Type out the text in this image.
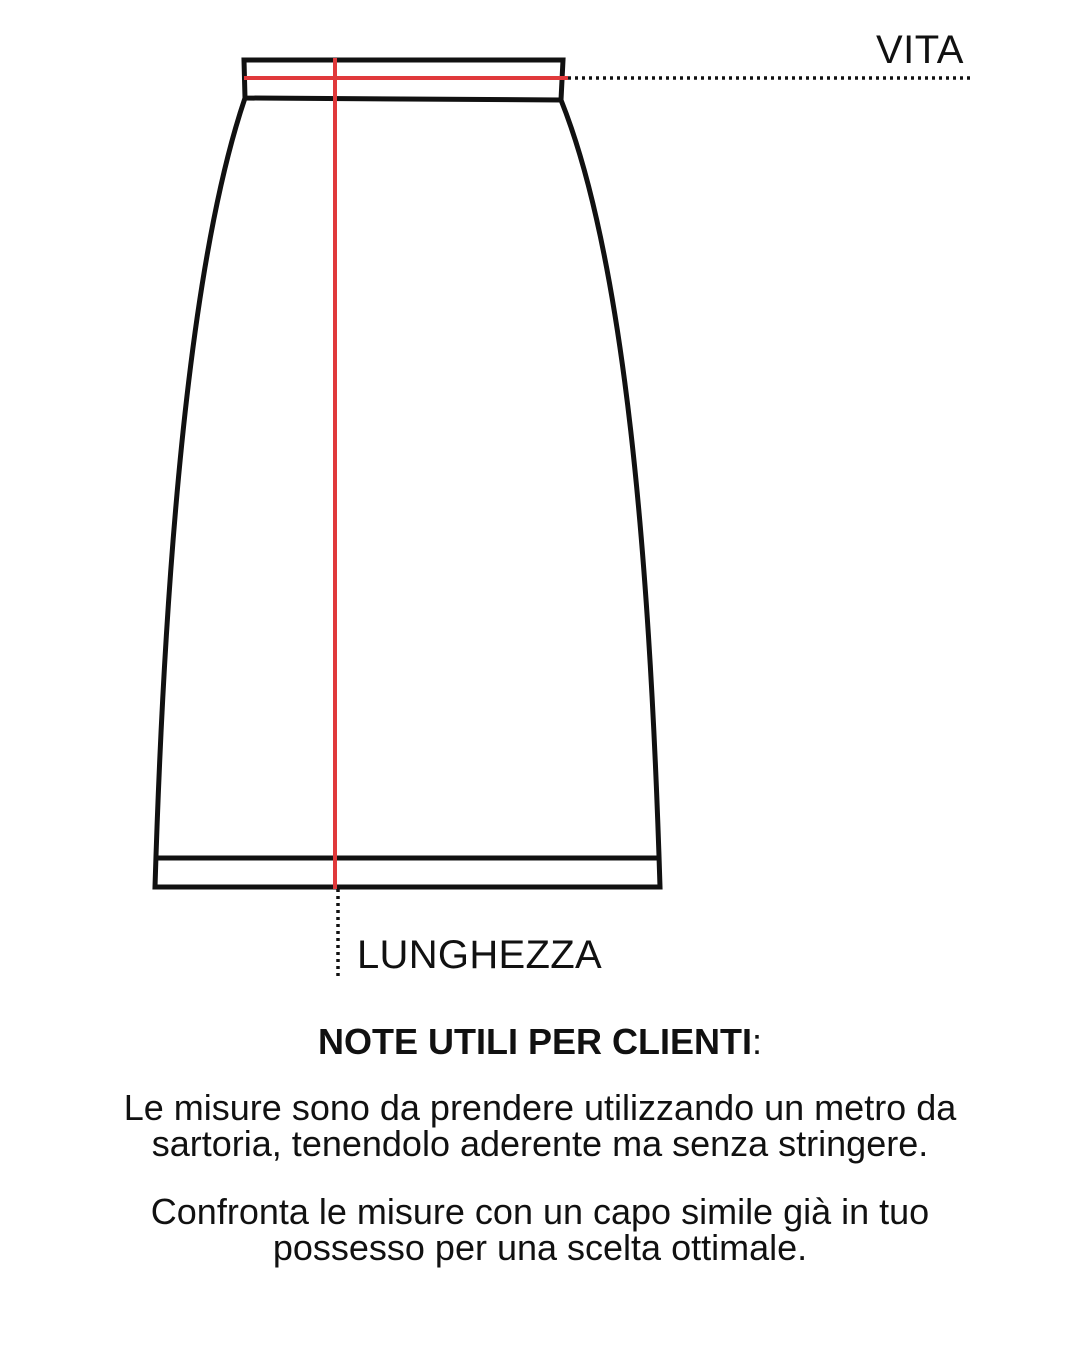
VITA
LUNGHEZZA
NOTE UTILI PER CLIENTI:
Le misure sono da prendere utilizzando un metro da
sartoria, tenendolo aderente ma senza stringere.
Confronta le misure con un capo simile già in tuo
possesso per una scelta ottimale.
